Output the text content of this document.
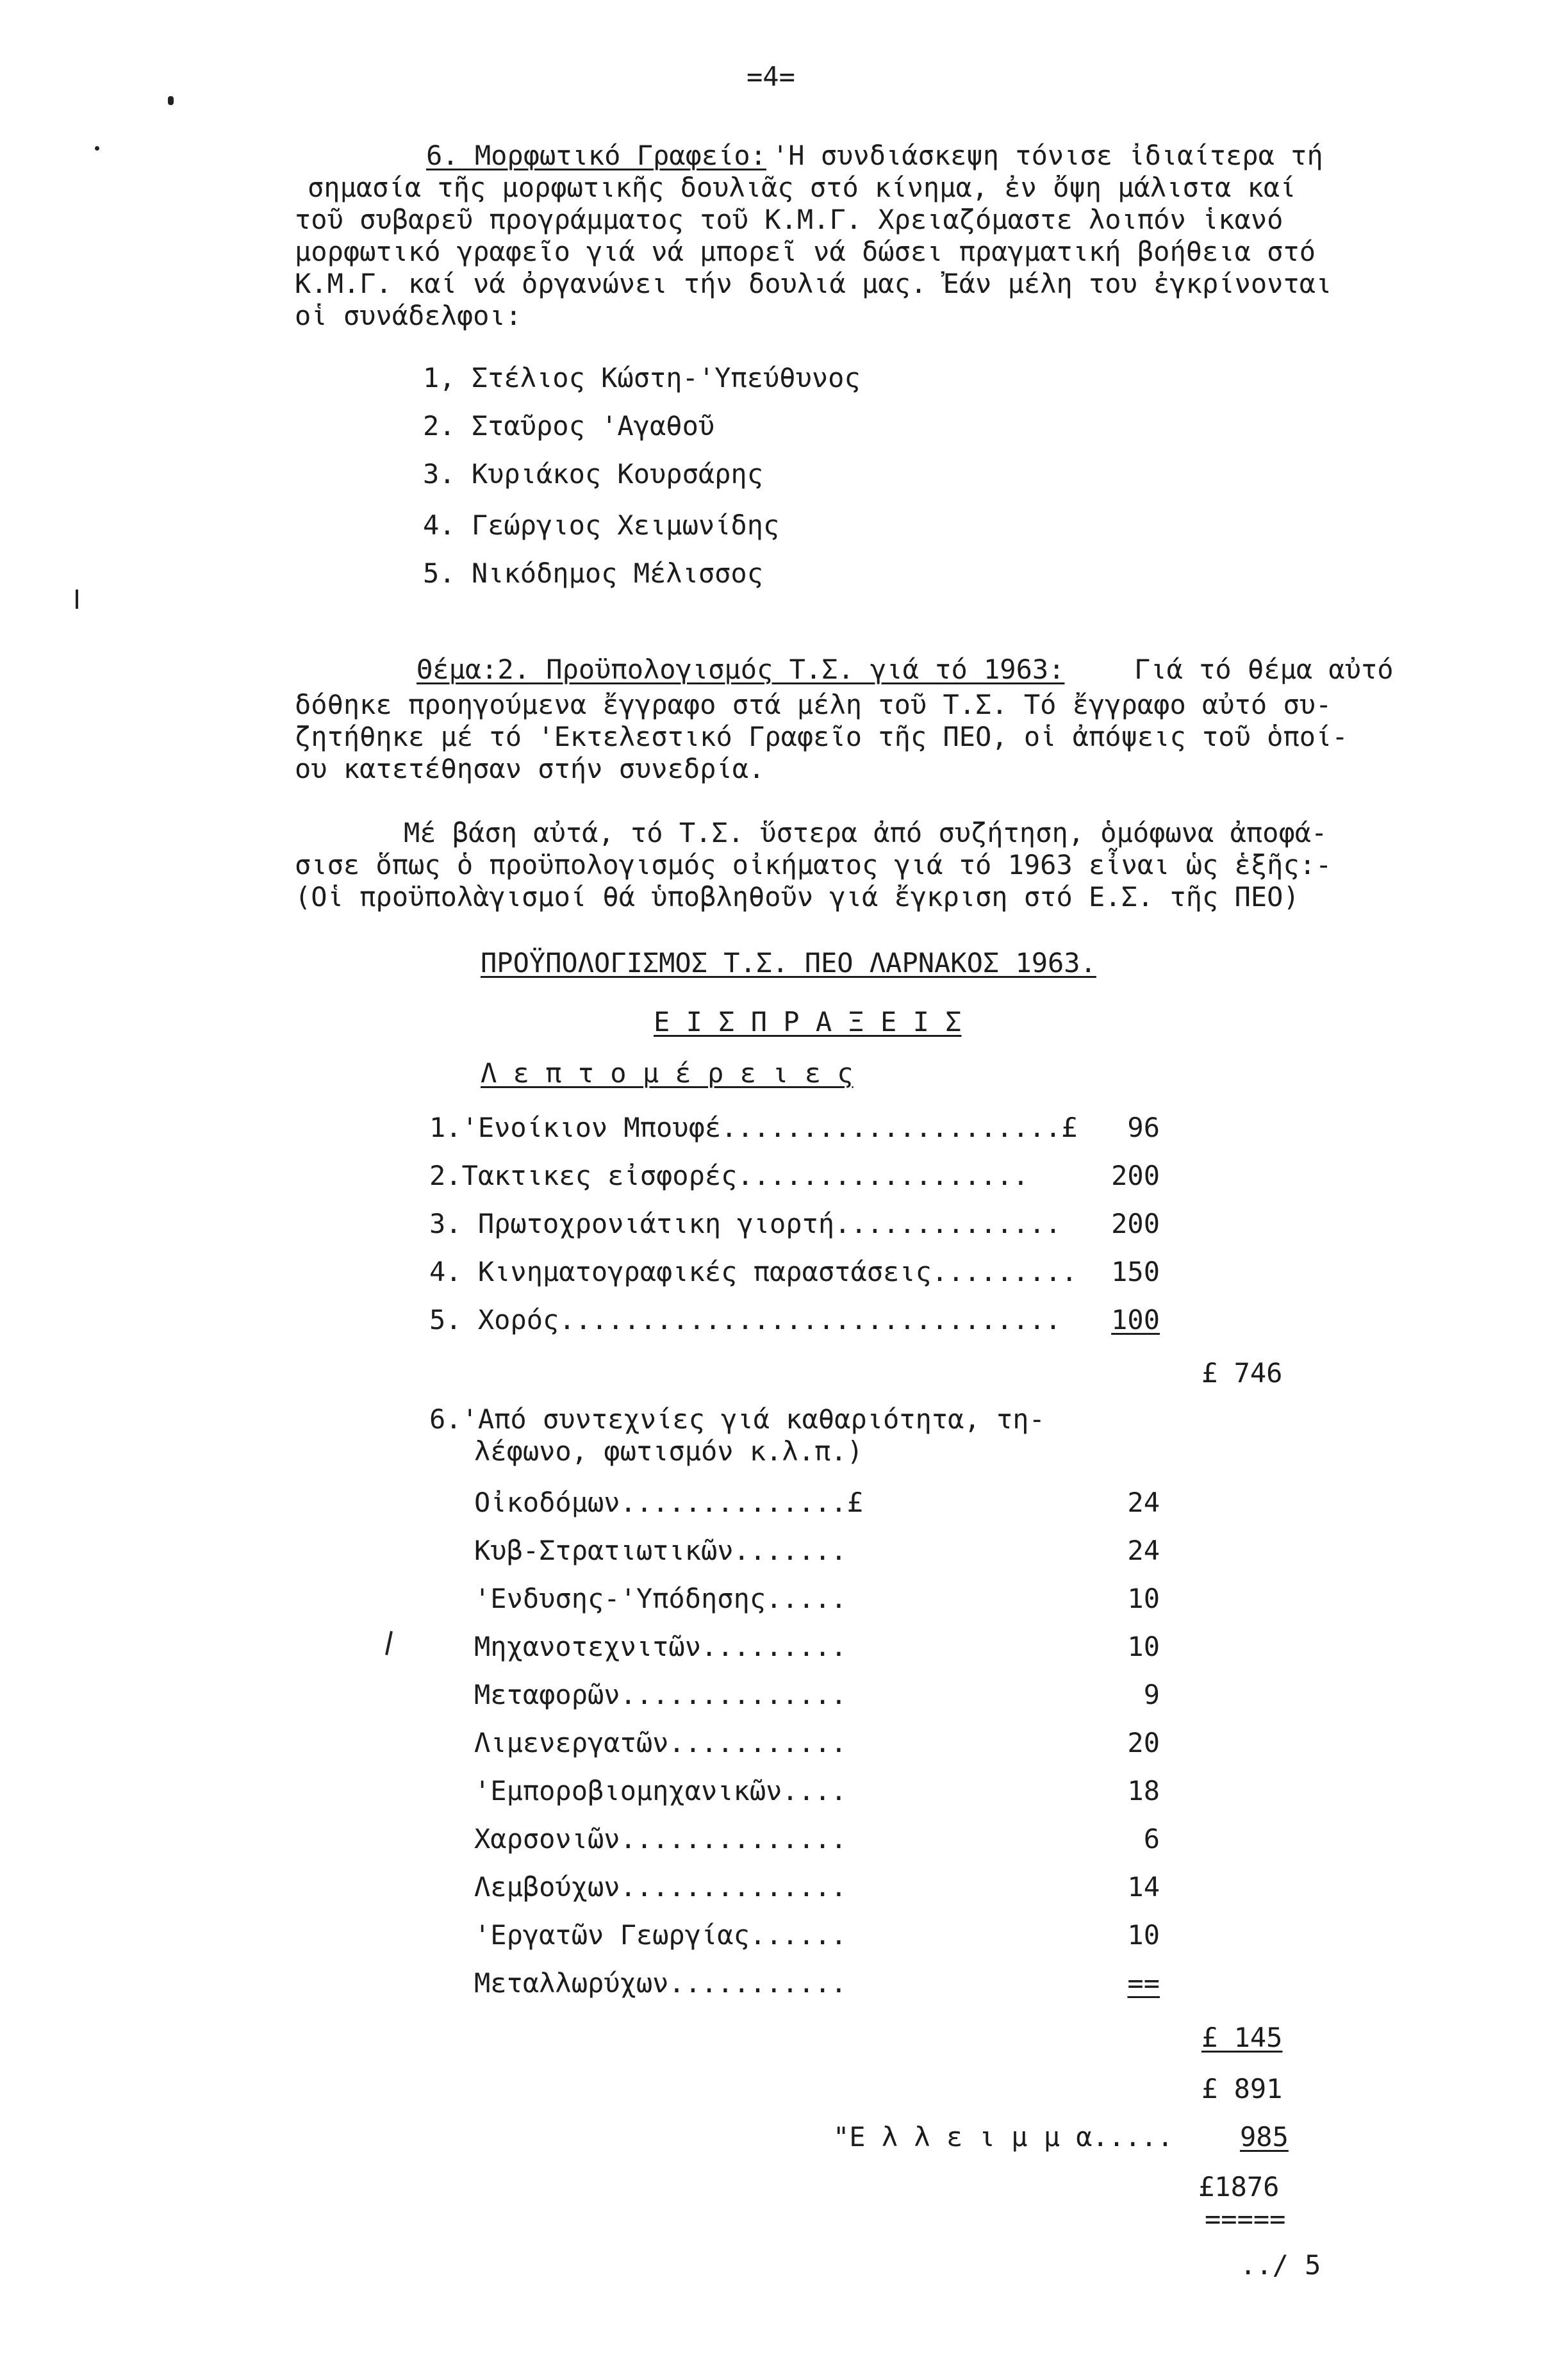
=4=
6. Μορφωτικό Γραφείο: 'Η συνδιάσκεψη τόνισε ἰδιαίτερα τή
σημασία τῆς μορφωτικῆς δουλιᾶς στό κίνημα, ἐν ὄψη μάλιστα καί
τοῦ συβαρεῦ προγράμματος τοῦ Κ.Μ.Γ. Χρειαζόμαστε λοιπόν ἱκανό
μορφωτικό γραφεῖο γιά νά μπορεῖ νά δώσει πραγματική βοήθεια στό
Κ.Μ.Γ. καί νά ὀργανώνει τήν δουλιά μας. Ἐάν μέλη του ἐγκρίνονται
οἱ συνάδελφοι:
1, Στέλιος Κώστη-'Υπεύθυνος
2. Σταῦρος 'Αγαθοῦ
3. Κυριάκος Κουρσάρης
4. Γεώργιος Χειμωνίδης
5. Νικόδημος Μέλισσος
Θέμα:2. Προϋπολογισμός Τ.Σ. γιά τό 1963:	Γιά τό θέμα αὐτό
δόθηκε προηγούμενα ἔγγραφο στά μέλη τοῦ Τ.Σ. Τό ἔγγραφο αὐτό συ-
ζητήθηκε μέ τό 'Εκτελεστικό Γραφεῖο τῆς ΠΕΟ, οἱ ἀπόψεις τοῦ ὁποί-
ου κατετέθησαν στήν συνεδρία.
Μέ βάση αὐτά, τό Τ.Σ. ὕστερα ἀπό συζήτηση, ὁμόφωνα ἀποφά-
σισε ὅπως ὁ προϋπολογισμός οἰκήματος γιά τό 1963 εἶναι ὡς ἑξῆς:-
(Οἱ προϋπολὰγισμοί θά ὑποβληθοῦν γιά ἔγκριση στό Ε.Σ. τῆς ΠΕΟ)
ΠΡΟΫΠΟΛΟΓΙΣΜΟΣ Τ.Σ. ΠΕΟ ΛΑΡΝΑΚΟΣ 1963.
Ε Ι Σ Π Ρ Α Ξ Ε Ι Σ
Λ ε π τ ο μ έ ρ ε ι ε ς
1.'Ενοίκιον Μπουφέ.....................£	96
2.Τακτικες εἰσφορές..................	200
3. Πρωτοχρονιάτικη γιορτή..............	200
4. Κινηματογραφικές παραστάσεις.........	150
5. Χορός...............................	100
£ 746
6.'Από συντεχνίες γιά καθαριότητα, τη-
λέφωνο, φωτισμόν κ.λ.π.)
Οἰκοδόμων..............£	24
Κυβ-Στρατιωτικῶν.......	24
'Ενδυσης-'Υπόδησης.....	10
Μηχανοτεχνιτῶν.........	10
Μεταφορῶν..............	9
Λιμενεργατῶν...........	20
'Εμποροβιομηχανικῶν....	18
Χαρσονιῶν..............	6
Λεμβούχων..............	14
'Εργατῶν Γεωργίας......	10
Μεταλλωρύχων...........	==
£ 145
£ 891
"Ε λ λ ε ι μ μ α..... 985
£1876
=====
../ 5
